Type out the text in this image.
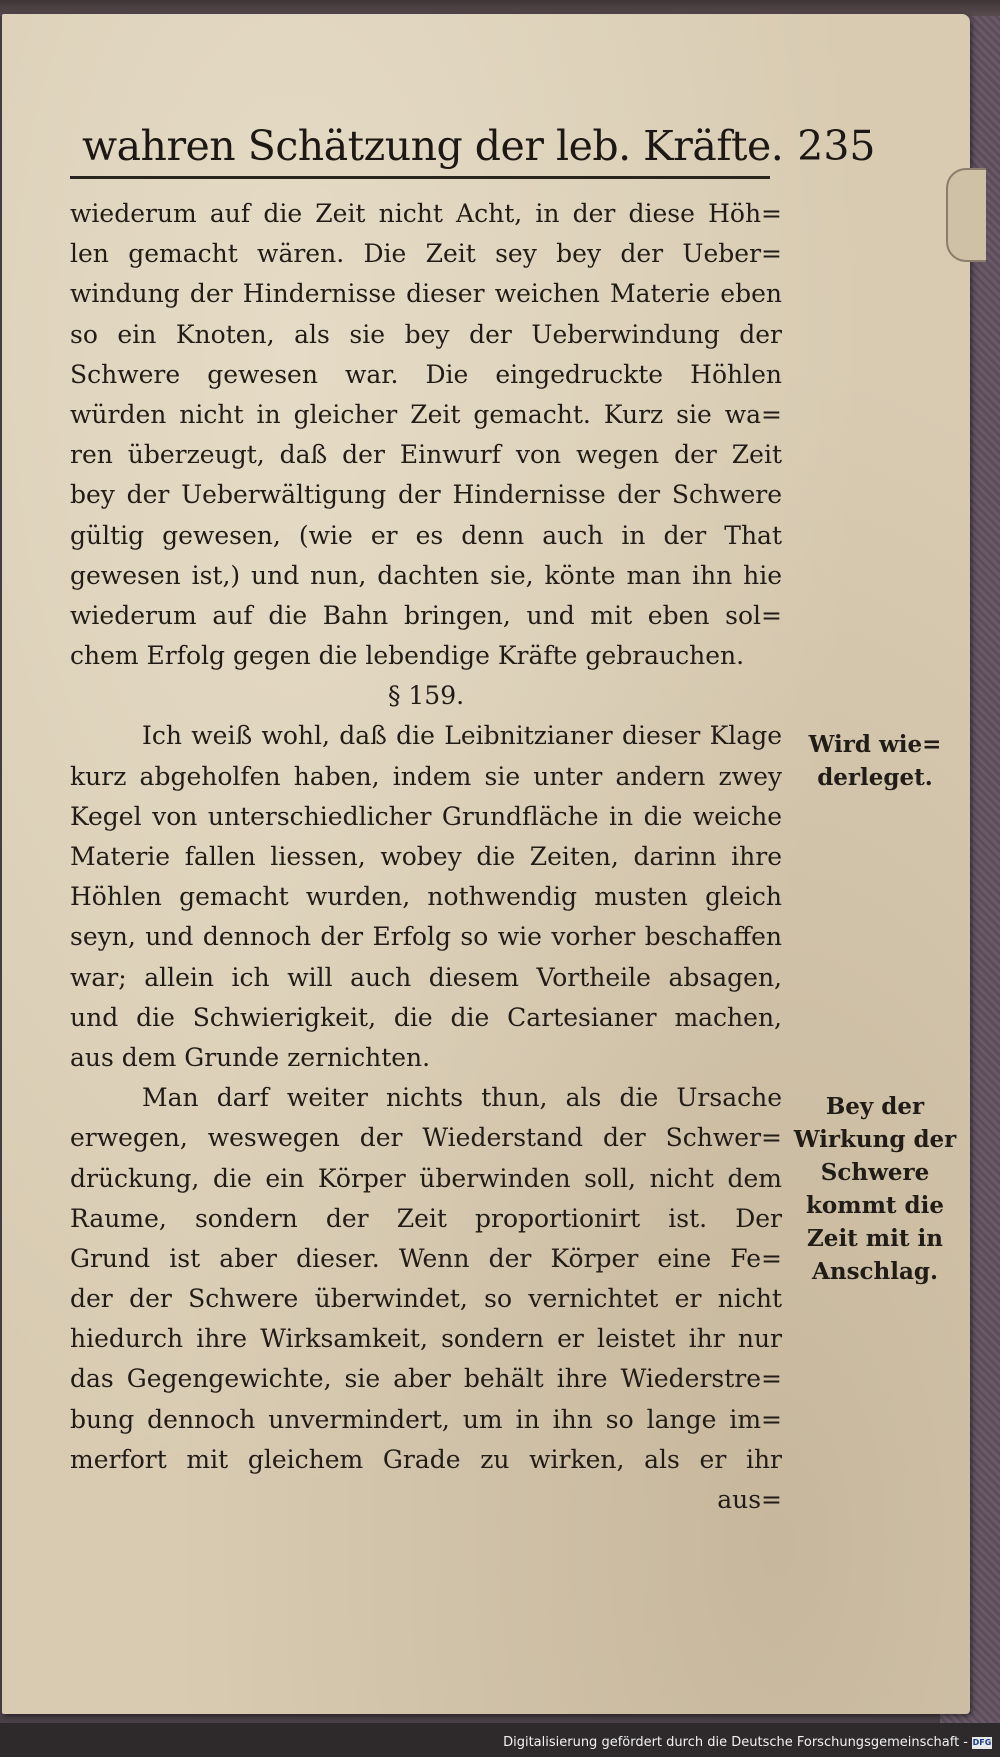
wahren Schätzung der leb. Kräfte. 235
wiederum auf die Zeit nicht Acht, in der diese Höh=
len gemacht wären. Die Zeit sey bey der Ueber=
windung der Hindernisse dieser weichen Materie eben
so ein Knoten, als sie bey der Ueberwindung der
Schwere gewesen war. Die eingedruckte Höhlen
würden nicht in gleicher Zeit gemacht. Kurz sie wa=
ren überzeugt, daß der Einwurf von wegen der Zeit
bey der Ueberwältigung der Hindernisse der Schwere
gültig gewesen, (wie er es denn auch in der That
gewesen ist,) und nun, dachten sie, könte man ihn hie
wiederum auf die Bahn bringen, und mit eben sol=
chem Erfolg gegen die lebendige Kräfte gebrauchen.
§ 159.
Ich weiß wohl, daß die Leibnitzianer dieser Klage
kurz abgeholfen haben, indem sie unter andern zwey
Kegel von unterschiedlicher Grundfläche in die weiche
Materie fallen liessen, wobey die Zeiten, darinn ihre
Höhlen gemacht wurden, nothwendig musten gleich
seyn, und dennoch der Erfolg so wie vorher beschaffen
war; allein ich will auch diesem Vortheile absagen,
und die Schwierigkeit, die die Cartesianer machen,
aus dem Grunde zernichten.
Man darf weiter nichts thun, als die Ursache
erwegen, weswegen der Wiederstand der Schwer=
drückung, die ein Körper überwinden soll, nicht dem
Raume, sondern der Zeit proportionirt ist. Der
Grund ist aber dieser. Wenn der Körper eine Fe=
der der Schwere überwindet, so vernichtet er nicht
hiedurch ihre Wirksamkeit, sondern er leistet ihr nur
das Gegengewichte, sie aber behält ihre Wiederstre=
bung dennoch unvermindert, um in ihn so lange im=
merfort mit gleichem Grade zu wirken, als er ihr
aus=
Wird wie=
derleget.
Bey der
Wirkung der
Schwere
kommt die
Zeit mit in
Anschlag.
Digitalisierung gefördert durch die Deutsche Forschungsgemeinschaft - DFG
